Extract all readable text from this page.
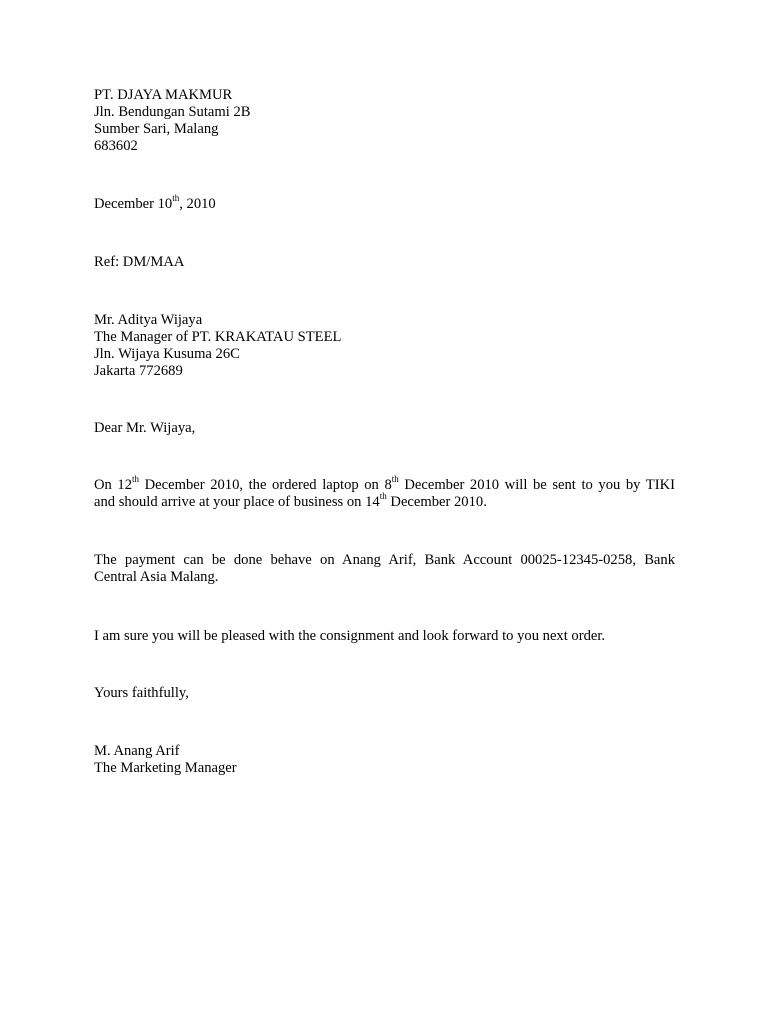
PT. DJAYA MAKMUR
Jln. Bendungan Sutami 2B
Sumber Sari, Malang
683602
December 10th, 2010
Ref: DM/MAA
Mr. Aditya Wijaya
The Manager of PT. KRAKATAU STEEL
Jln. Wijaya Kusuma 26C
Jakarta 772689
Dear Mr. Wijaya,
On 12th December 2010, the ordered laptop on 8th December 2010 will be sent to you by TIKI
and should arrive at your place of business on 14th December 2010.
The payment can be done behave on Anang Arif, Bank Account 00025-12345-0258, Bank
Central Asia Malang.
I am sure you will be pleased with the consignment and look forward to you next order.
Yours faithfully,
M. Anang Arif
The Marketing Manager
